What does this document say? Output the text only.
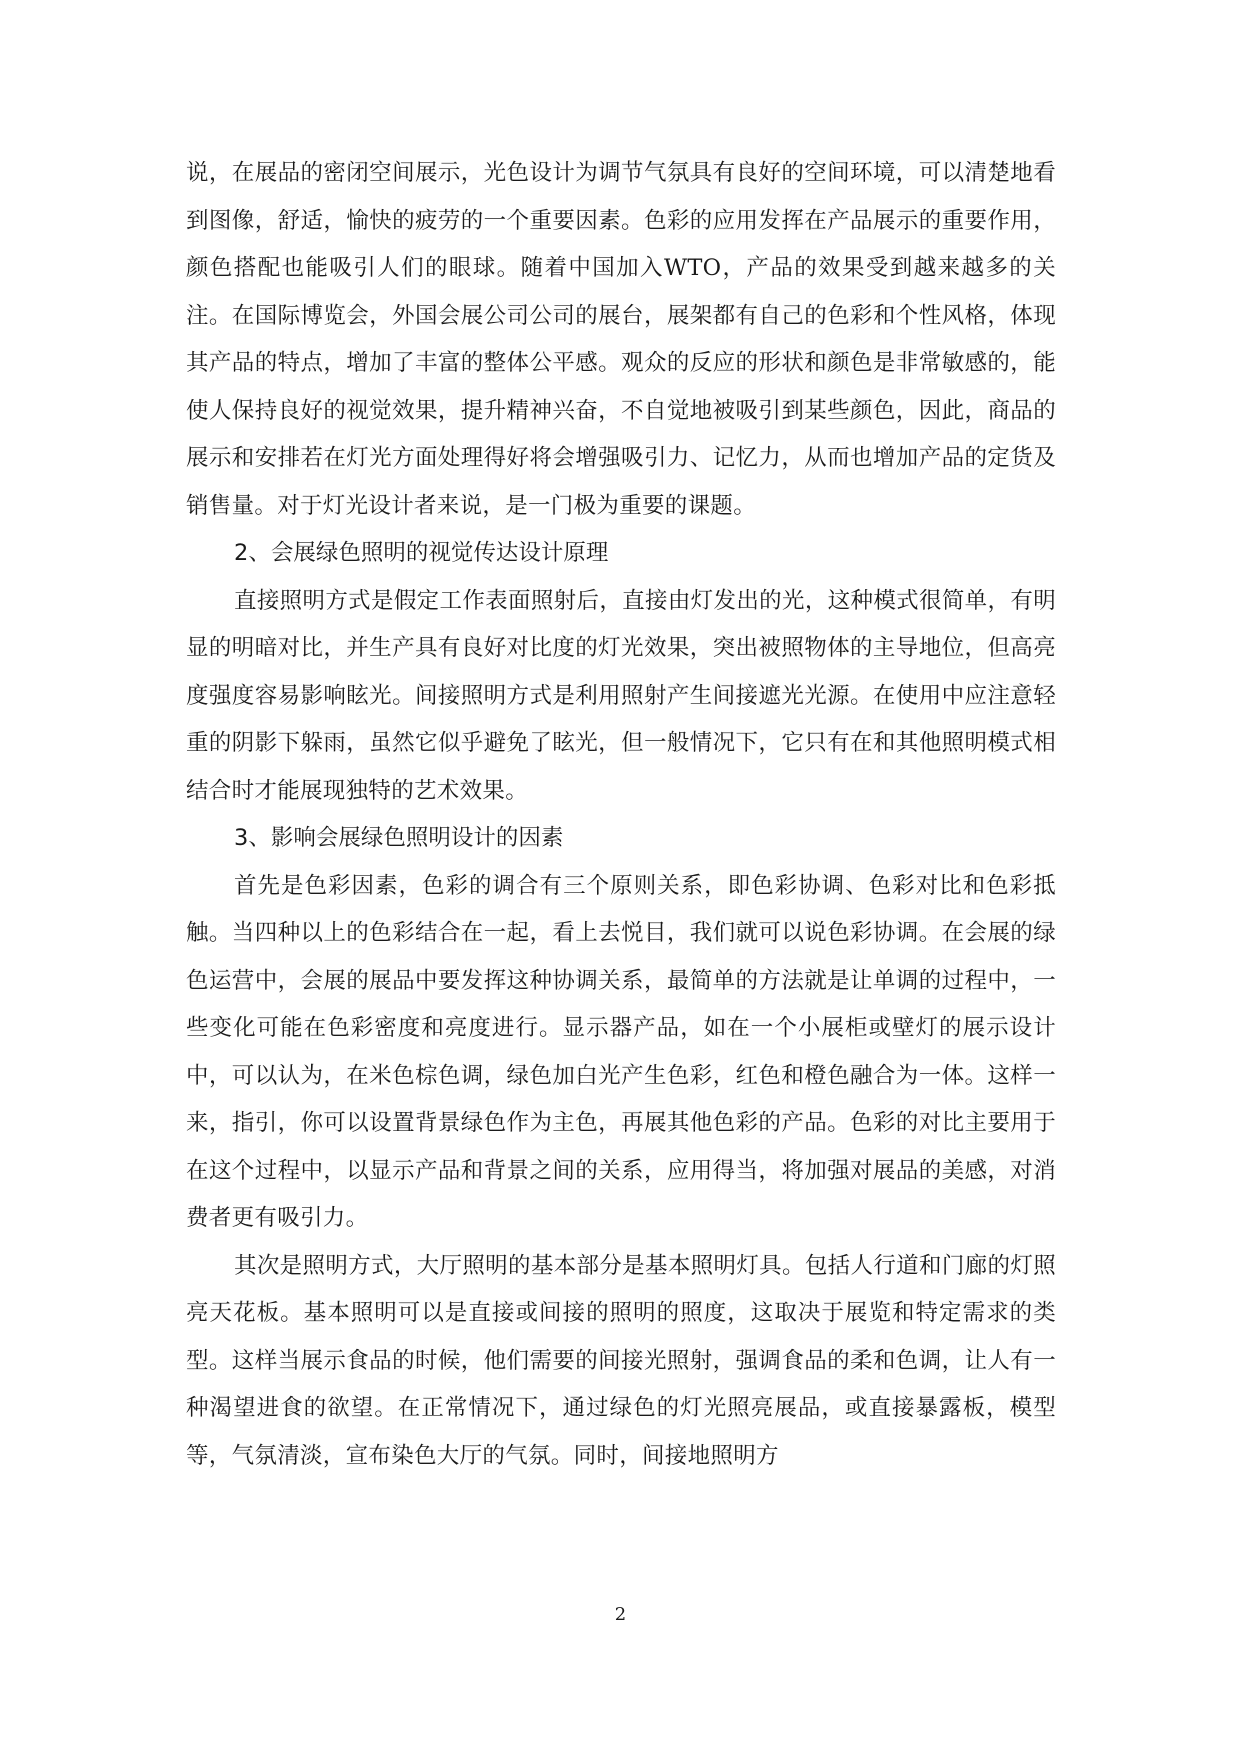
说，在展品的密闭空间展示，光色设计为调节气氛具有良好的空间环境，可以清楚地看到图像，舒适，愉快的疲劳的一个重要因素。色彩的应用发挥在产品展示的重要作用，颜色搭配也能吸引人们的眼球。随着中国加入WTO，产品的效果受到越来越多的关注。在国际博览会，外国会展公司公司的展台，展架都有自己的色彩和个性风格，体现其产品的特点，增加了丰富的整体公平感。观众的反应的形状和颜色是非常敏感的，能使人保持良好的视觉效果，提升精神兴奋，不自觉地被吸引到某些颜色，因此，商品的展示和安排若在灯光方面处理得好将会增强吸引力、记忆力，从而也增加产品的定货及销售量。对于灯光设计者来说，是一门极为重要的课题。

2、会展绿色照明的视觉传达设计原理

直接照明方式是假定工作表面照射后，直接由灯发出的光，这种模式很简单，有明显的明暗对比，并生产具有良好对比度的灯光效果，突出被照物体的主导地位，但高亮度强度容易影响眩光。间接照明方式是利用照射产生间接遮光光源。在使用中应注意轻重的阴影下躲雨，虽然它似乎避免了眩光，但一般情况下，它只有在和其他照明模式相结合时才能展现独特的艺术效果。

3、影响会展绿色照明设计的因素

首先是色彩因素，色彩的调合有三个原则关系，即色彩协调、色彩对比和色彩抵触。当四种以上的色彩结合在一起，看上去悦目，我们就可以说色彩协调。在会展的绿色运营中，会展的展品中要发挥这种协调关系，最简单的方法就是让单调的过程中，一些变化可能在色彩密度和亮度进行。显示器产品，如在一个小展柜或壁灯的展示设计中，可以认为，在米色棕色调，绿色加白光产生色彩，红色和橙色融合为一体。这样一来，指引，你可以设置背景绿色作为主色，再展其他色彩的产品。色彩的对比主要用于在这个过程中，以显示产品和背景之间的关系，应用得当，将加强对展品的美感，对消费者更有吸引力。

其次是照明方式，大厅照明的基本部分是基本照明灯具。包括人行道和门廊的灯照亮天花板。基本照明可以是直接或间接的照明的照度，这取决于展览和特定需求的类型。这样当展示食品的时候，他们需要的间接光照射，强调食品的柔和色调，让人有一种渴望进食的欲望。在正常情况下，通过绿色的灯光照亮展品，或直接暴露板，模型等，气氛清淡，宣布染色大厅的气氛。同时，间接地照明方

2
